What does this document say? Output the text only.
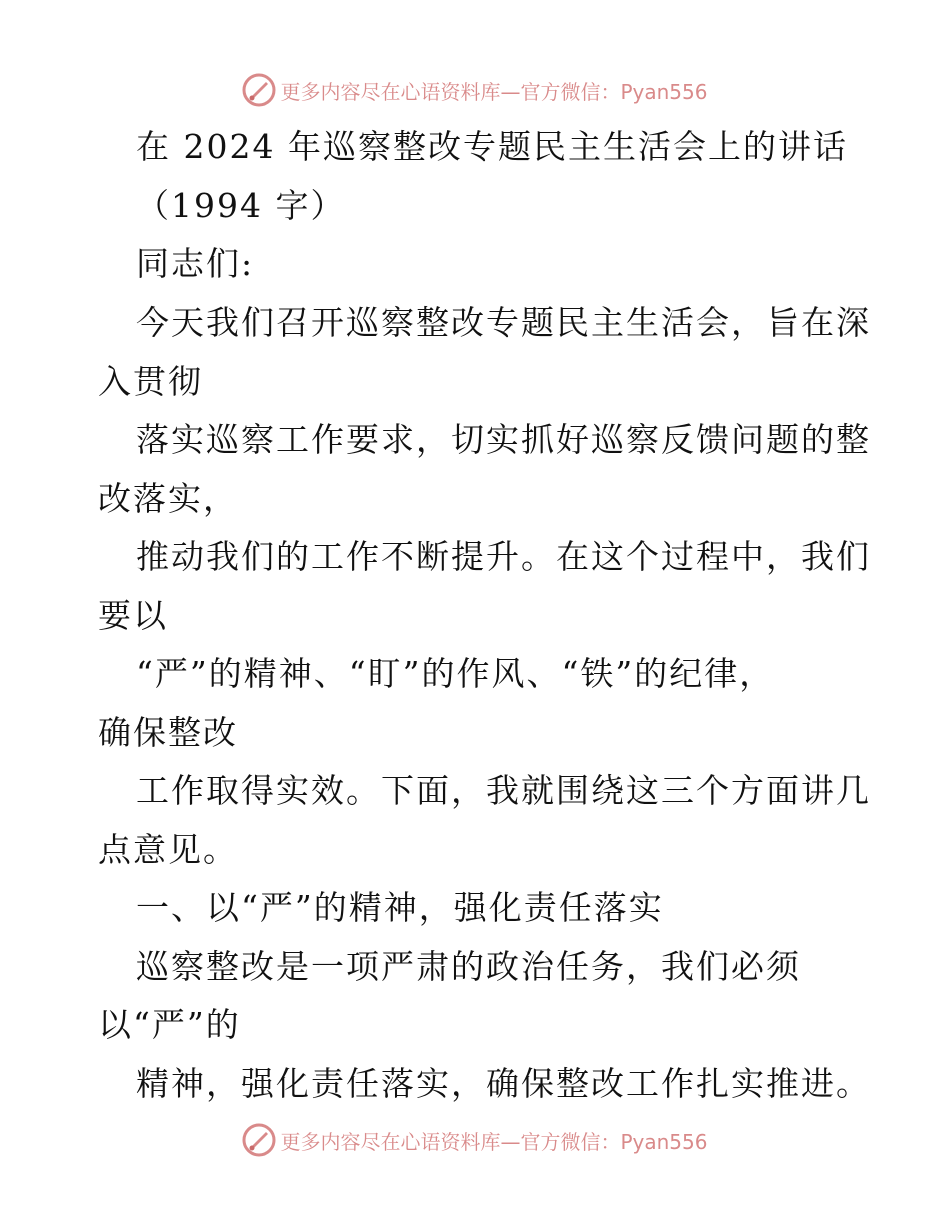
更多内容尽在心语资料库—官方微信：Pyan556
在 2024 年巡察整改专题民主生活会上的讲话
（1994 字）
同志们:
今天我们召开巡察整改专题民主生活会，旨在深
入贯彻
落实巡察工作要求，切实抓好巡察反馈问题的整
改落实，
推动我们的工作不断提升。在这个过程中，我们
要以
“严”的精神、“盯”的作风、“铁”的纪律，
确保整改
工作取得实效。下面，我就围绕这三个方面讲几
点意见。
一、以“严”的精神，强化责任落实
巡察整改是一项严肃的政治任务，我们必须
以“严”的
精神，强化责任落实，确保整改工作扎实推进。
更多内容尽在心语资料库—官方微信：Pyan556
